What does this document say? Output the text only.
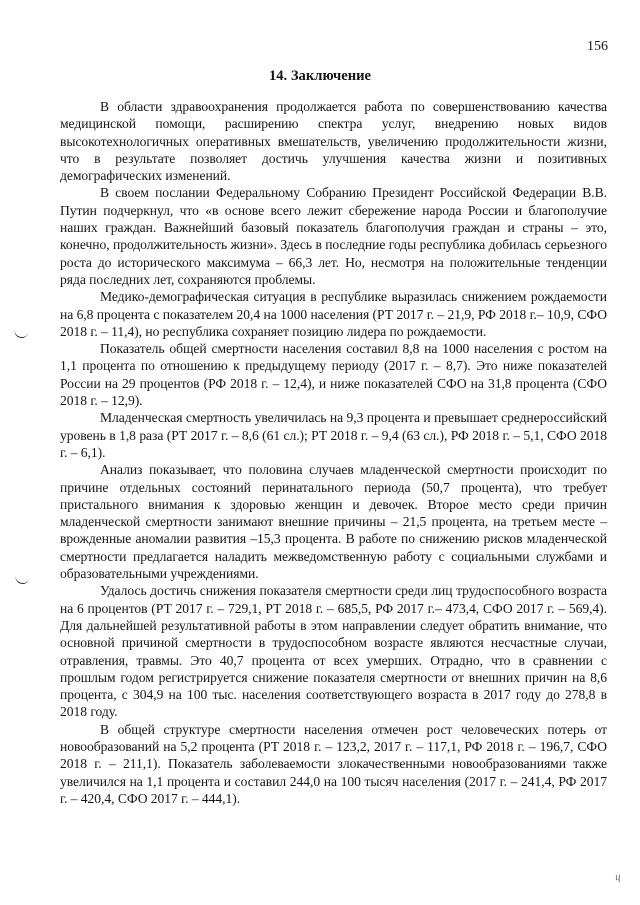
156
14. Заключение

В области здравоохранения продолжается работа по совершенствованию качества медицинской помощи, расширению спектра услуг, внедрению новых видов высокотехнологичных оперативных вмешательств, увеличению продолжительности жизни, что в результате позволяет достичь улучшения качества жизни и позитивных демографических изменений.

В своем послании Федеральному Собранию Президент Российской Федерации В.В. Путин подчеркнул, что «в основе всего лежит сбережение народа России и благополучие наших граждан. Важнейший базовый показатель благополучия граждан и страны – это, конечно, продолжительность жизни». Здесь в последние годы республика добилась серьезного роста до исторического максимума – 66,3 лет. Но, несмотря на положительные тенденции ряда последних лет, сохраняются проблемы.

Медико-демографическая ситуация в республике выразилась снижением рождаемости на 6,8 процента с показателем 20,4 на 1000 населения (РТ 2017 г. – 21,9, РФ 2018 г.– 10,9, СФО 2018 г. – 11,4), но республика сохраняет позицию лидера по рождаемости.

Показатель общей смертности населения составил 8,8 на 1000 населения с ростом на 1,1 процента по отношению к предыдущему периоду (2017 г. – 8,7). Это ниже показателей России на 29 процентов (РФ 2018 г. – 12,4), и ниже показателей СФО на 31,8 процента (СФО 2018 г. – 12,9).

Младенческая смертность увеличилась на 9,3 процента и превышает среднероссийский уровень в 1,8 раза (РТ 2017 г. – 8,6 (61 сл.); РТ 2018 г. – 9,4 (63 сл.), РФ 2018 г. – 5,1, СФО 2018 г. – 6,1).

Анализ показывает, что половина случаев младенческой смертности происходит по причине отдельных состояний перинатального периода (50,7 процента), что требует пристального внимания к здоровью женщин и девочек. Второе место среди причин младенческой смертности занимают внешние причины – 21,5 процента, на третьем месте – врожденные аномалии развития –15,3 процента. В работе по снижению рисков младенческой смертности предлагается наладить межведомственную работу с социальными службами и образовательными учреждениями.

Удалось достичь снижения показателя смертности среди лиц трудоспособного возраста на 6 процентов (РТ 2017 г. – 729,1, РТ 2018 г. – 685,5, РФ 2017 г.– 473,4, СФО 2017 г. – 569,4). Для дальнейшей результативной работы в этом направлении следует обратить внимание, что основной причиной смертности в трудоспособном возрасте являются несчастные случаи, отравления, травмы. Это 40,7 процента от всех умерших. Отрадно, что в сравнении с прошлым годом регистрируется снижение показателя смертности от внешних причин на 8,6 процента, с 304,9 на 100 тыс. населения соответствующего возраста в 2017 году до 278,8 в 2018 году.

В общей структуре смертности населения отмечен рост человеческих потерь от новообразований на 5,2 процента (РТ 2018 г. – 123,2, 2017 г. – 117,1, РФ 2018 г. – 196,7, СФО 2018 г. – 211,1). Показатель заболеваемости злокачественными новообразованиями также увеличился на 1,1 процента и составил 244,0 на 100 тысяч населения (2017 г. – 241,4, РФ 2017 г. – 420,4, СФО 2017 г. – 444,1).

ɥ
